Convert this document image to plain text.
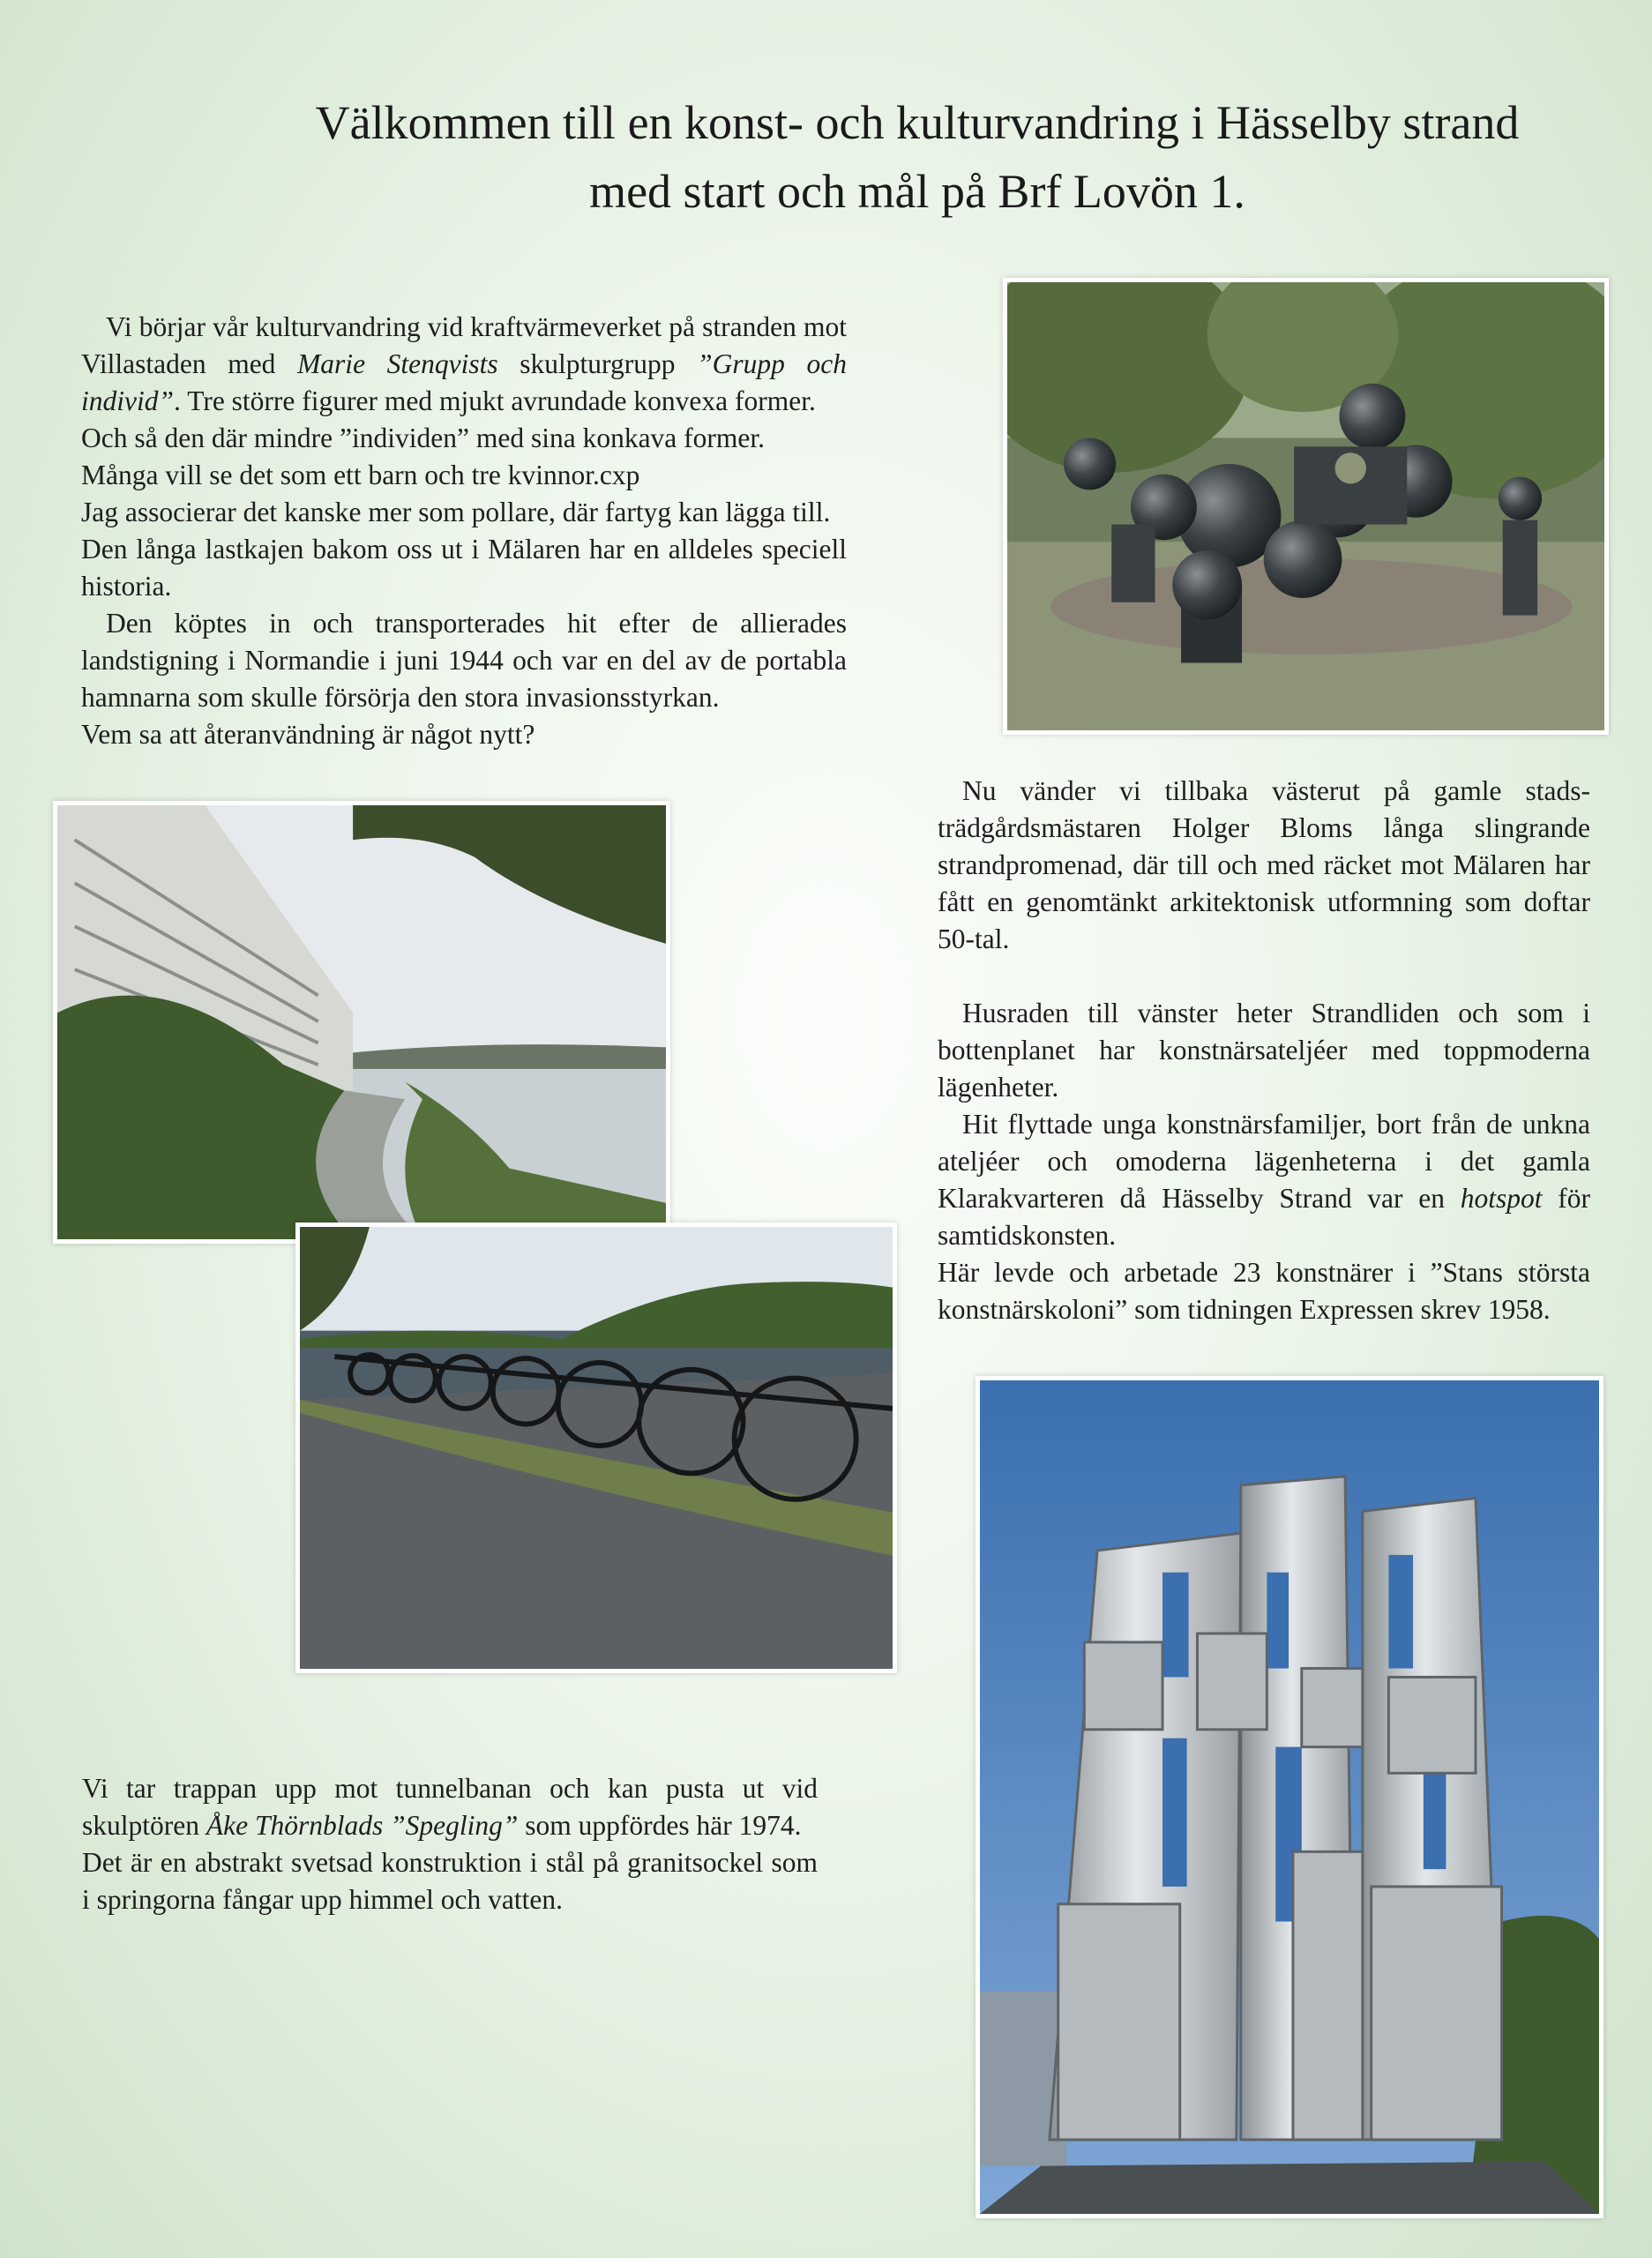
Välkommen till en konst- och kulturvandring i Hässelby strand
med start och mål på Brf Lovön 1.

Vi börjar vår kulturvandring vid kraftvärmeverket på stranden mot Villastaden med Marie Stenqvists skulpturgrupp ”Grupp och individ”. Tre större figurer med mjukt avrundade konvexa former.

Och så den där mindre ”individen” med sina konkava former.

Många vill se det som ett barn och tre kvinnor.cxp

Jag associerar det kanske mer som pollare, där fartyg kan lägga till.

Den långa lastkajen bakom oss ut i Mälaren har en alldeles speciell historia.

Den köptes in och transporterades hit efter de allierades landstigning i Normandie i juni 1944 och var en del av de portabla hamnarna som skulle försörja den stora invasionsstyrkan.

Vem sa att återanvändning är något nytt?

Nu vänder vi tillbaka västerut på gamle stads-trädgårdsmästaren Holger Bloms långa slingrande strandpromenad, där till och med räcket mot Mälaren har fått en genomtänkt arkitektonisk utformning som doftar 50-tal.

Husraden till vänster heter Strandliden och som i bottenplanet har konstnärsateljéer med toppmoderna lägenheter.

Hit flyttade unga konstnärsfamiljer, bort från de unkna ateljéer och omoderna lägenheterna i det gamla Klarakvarteren då Hässelby Strand var en hotspot för samtidskonsten.

Här levde och arbetade 23 konstnärer i ”Stans största konstnärskoloni” som tidningen Expressen skrev 1958.

Vi tar trappan upp mot tunnelbanan och kan pusta ut vid skulptören Åke Thörnblads ”Spegling” som uppfördes här 1974.

Det är en abstrakt svetsad konstruktion i stål på granitsockel som i springorna fångar upp himmel och vatten.
